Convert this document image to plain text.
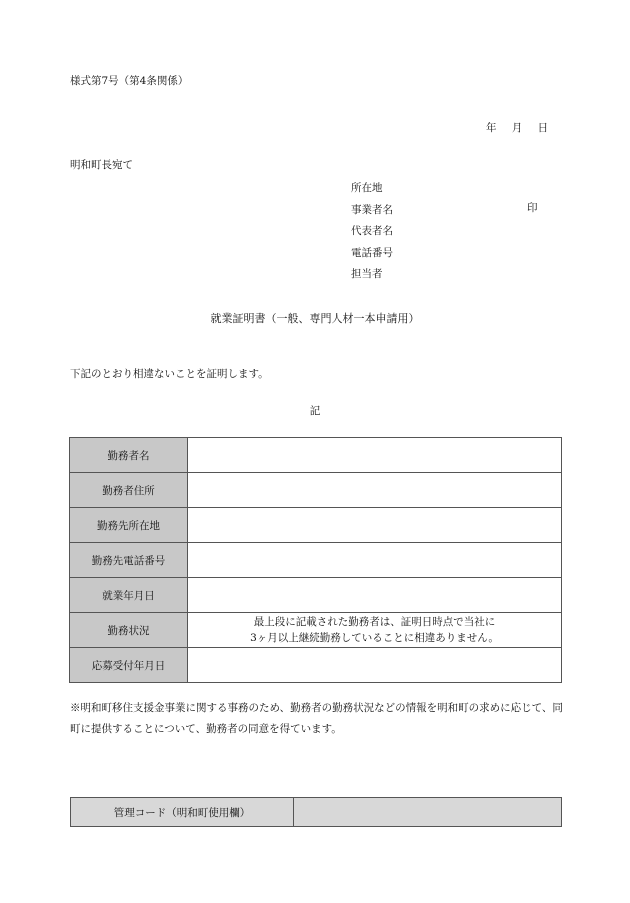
様式第7号（第4条関係）
年 月 日
明和町長宛て
所在地
事業者名
代表者名
電話番号
担当者
印
就業証明書（一般、専門人材一本申請用）
下記のとおり相違ないことを証明します。
記
勤務者名	
勤務者住所	
勤務先所在地	
勤務先電話番号	
就業年月日	
勤務状況	最上段に記載された勤務者は、証明日時点で当社に
3ヶ月以上継続勤務していることに相違ありません。

応募受付年月日	
※明和町移住支援金事業に関する事務のため、勤務者の勤務状況などの情報を明和町の求めに応じて、同町に提供することについて、勤務者の同意を得ています。
管理コード（明和町使用欄）	
